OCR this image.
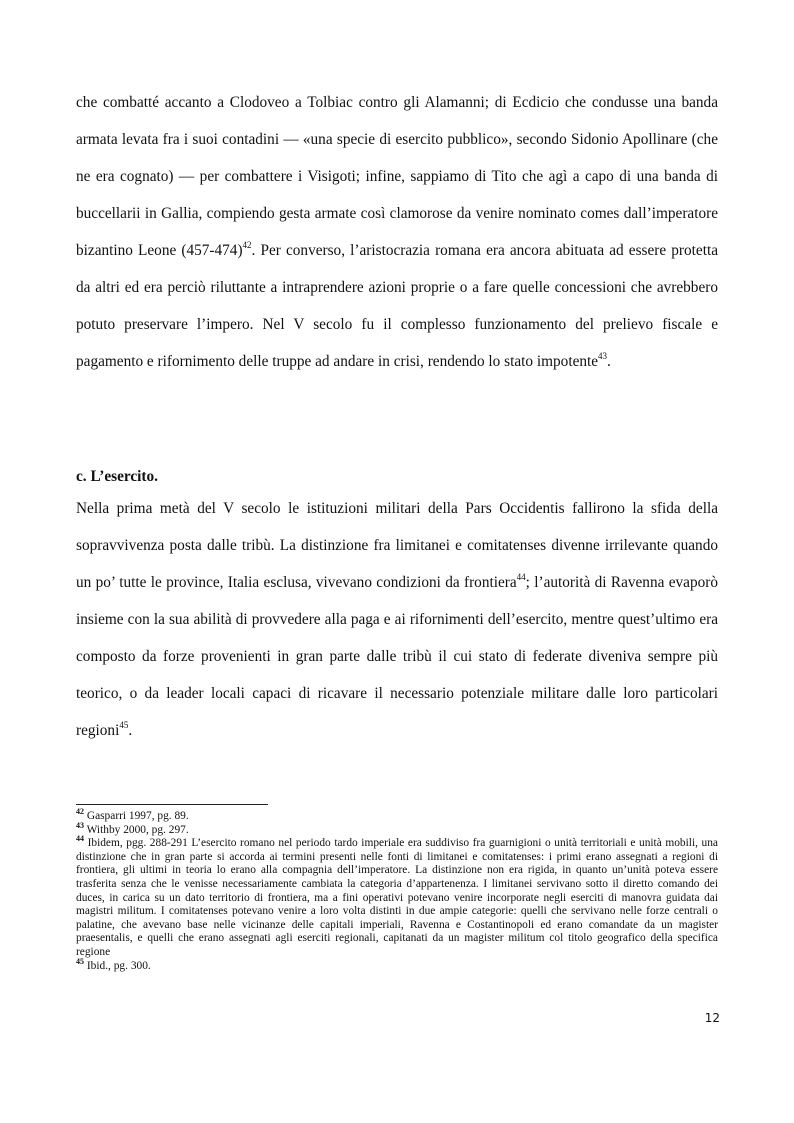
che combatté accanto a Clodoveo a Tolbiac contro gli Alamanni; di Ecdicio che condusse una banda armata levata fra i suoi contadini — «una specie di esercito pubblico», secondo Sidonio Apollinare (che ne era cognato) — per combattere i Visigoti; infine, sappiamo di Tito che agì a capo di una banda di buccellarii in Gallia, compiendo gesta armate così clamorose da venire nominato comes dall’imperatore bizantino Leone $(457-474)^{42}$. Per converso, l’aristocrazia romana era ancora abituata ad essere protetta da altri ed era perciò riluttante a intraprendere azioni proprie o a fare quelle concessioni che avrebbero potuto preservare l’impero. Nel V secolo fu il complesso funzionamento del prelievo fiscale e pagamento e rifornimento delle truppe ad andare in crisi, rendendo lo stato impotente$^{43}$.

c. L’esercito.

Nella prima metà del V secolo le istituzioni militari della Pars Occidentis fallirono la sfida della sopravvivenza posta dalle tribù. La distinzione fra limitanei e comitatenses divenne irrilevante quando un po’ tutte le province, Italia esclusa, vivevano condizioni da frontiera$^{44}$; l’autorità di Ravenna evaporò insieme con la sua abilità di provvedere alla paga e ai rifornimenti dell’esercito, mentre quest’ultimo era composto da forze provenienti in gran parte dalle tribù il cui stato di federate diveniva sempre più teorico, o da leader locali capaci di ricavare il necessario potenziale militare dalle loro particolari regioni$^{45}$.

$^{42}$ Gasparri 1997, pg. 89.

$^{43}$ Withby 2000, pg. 297.

$^{44}$ Ibidem, pgg. 288-291 L’esercito romano nel periodo tardo imperiale era suddiviso fra guarnigioni o unità territoriali e unità mobili, una distinzione che in gran parte si accorda ai termini presenti nelle fonti di limitanei e comitatenses: i primi erano assegnati a regioni di frontiera, gli ultimi in teoria lo erano alla compagnia dell’imperatore. La distinzione non era rigida, in quanto un’unità poteva essere trasferita senza che le venisse necessariamente cambiata la categoria d’appartenenza. I limitanei servivano sotto il diretto comando dei duces, in carica su un dato territorio di frontiera, ma a fini operativi potevano venire incorporate negli eserciti di manovra guidata dai magistri militum. I comitatenses potevano venire a loro volta distinti in due ampie categorie: quelli che servivano nelle forze centrali o palatine, che avevano base nelle vicinanze delle capitali imperiali, Ravenna e Costantinopoli ed erano comandate da un magister praesentalis, e quelli che erano assegnati agli eserciti regionali, capitanati da un magister militum col titolo geografico della specifica regione

$^{45}$ Ibid., pg. 300.

12
